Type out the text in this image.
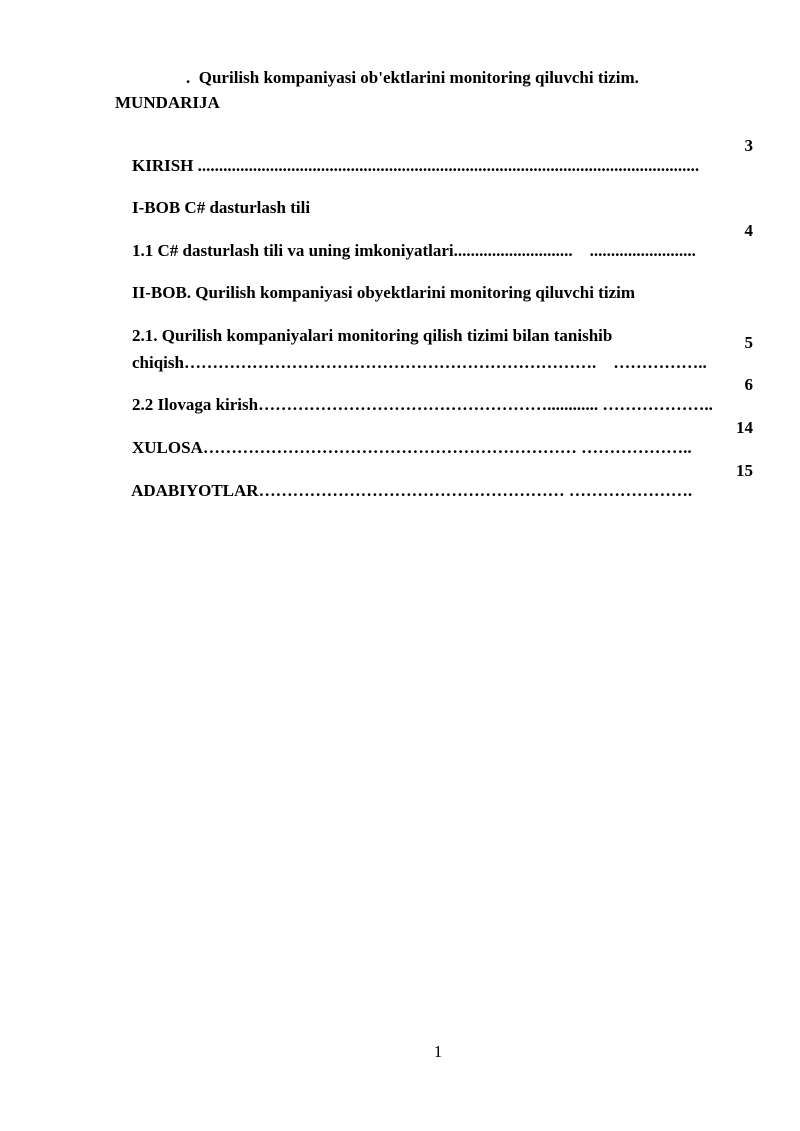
.  Qurilish kompaniyasi ob'ektlarini monitoring qiluvchi tizim.
MUNDARIJA

KIRISH ......................................................................................................................

3

I-BOB C# dasturlash tili

1.1 C# dasturlash tili va uning imkoniyatlari............................    .........................

4

II-BOB. Qurilish kompaniyasi obyektlarini monitoring qiluvchi tizim

2.1. Qurilish kompaniyalari monitoring qilish tizimi bilan tanishib

chiqish……………………………………………………………….    ……………..

5

2.2 Ilovaga kirish……………………………………………............ ………………..

6

XULOSA………………………………………………………… ………………..

14

ADABIYOTLAR……………………………………………… ………………….

15

1
